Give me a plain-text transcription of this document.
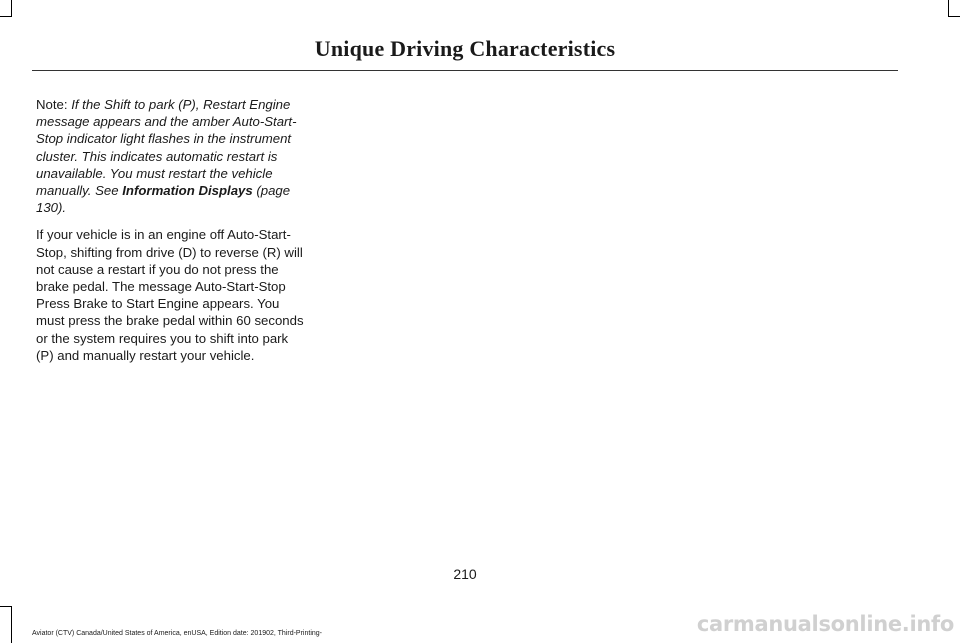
Unique Driving Characteristics

Note: If the Shift to park (P), Restart Engine message appears and the amber Auto-Start-Stop indicator light flashes in the instrument cluster. This indicates automatic restart is unavailable. You must restart the vehicle manually. See Information Displays (page 130).

If your vehicle is in an engine off Auto-Start-Stop, shifting from drive (D) to reverse (R) will not cause a restart if you do not press the brake pedal. The message Auto-Start-Stop Press Brake to Start Engine appears. You must press the brake pedal within 60 seconds or the system requires you to shift into park (P) and manually restart your vehicle.

210
Aviator (CTV) Canada/United States of America, enUSA, Edition date: 201902, Third-Printing-	carmanualsonline.info
